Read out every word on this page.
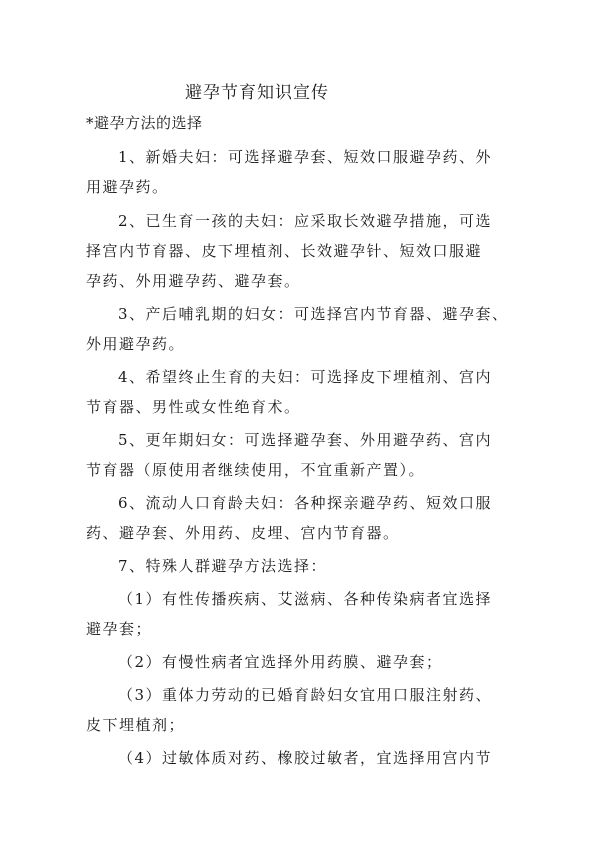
避孕节育知识宣传
*避孕方法的选择
1、新婚夫妇：可选择避孕套、短效口服避孕药、外
用避孕药。
2、已生育一孩的夫妇：应采取长效避孕措施，可选
择宫内节育器、皮下埋植剂、长效避孕针、短效口服避
孕药、外用避孕药、避孕套。
3、产后哺乳期的妇女：可选择宫内节育器、避孕套、
外用避孕药。
4、希望终止生育的夫妇：可选择皮下埋植剂、宫内
节育器、男性或女性绝育术。
5、更年期妇女：可选择避孕套、外用避孕药、宫内
节育器（原使用者继续使用，不宜重新产置）。
6、流动人口育龄夫妇：各种探亲避孕药、短效口服
药、避孕套、外用药、皮埋、宫内节育器。
7、特殊人群避孕方法选择：
（1）有性传播疾病、艾滋病、各种传染病者宜选择
避孕套；
（2）有慢性病者宜选择外用药膜、避孕套；
（3）重体力劳动的已婚育龄妇女宜用口服注射药、
皮下埋植剂；
（4）过敏体质对药、橡胶过敏者，宜选择用宫内节
